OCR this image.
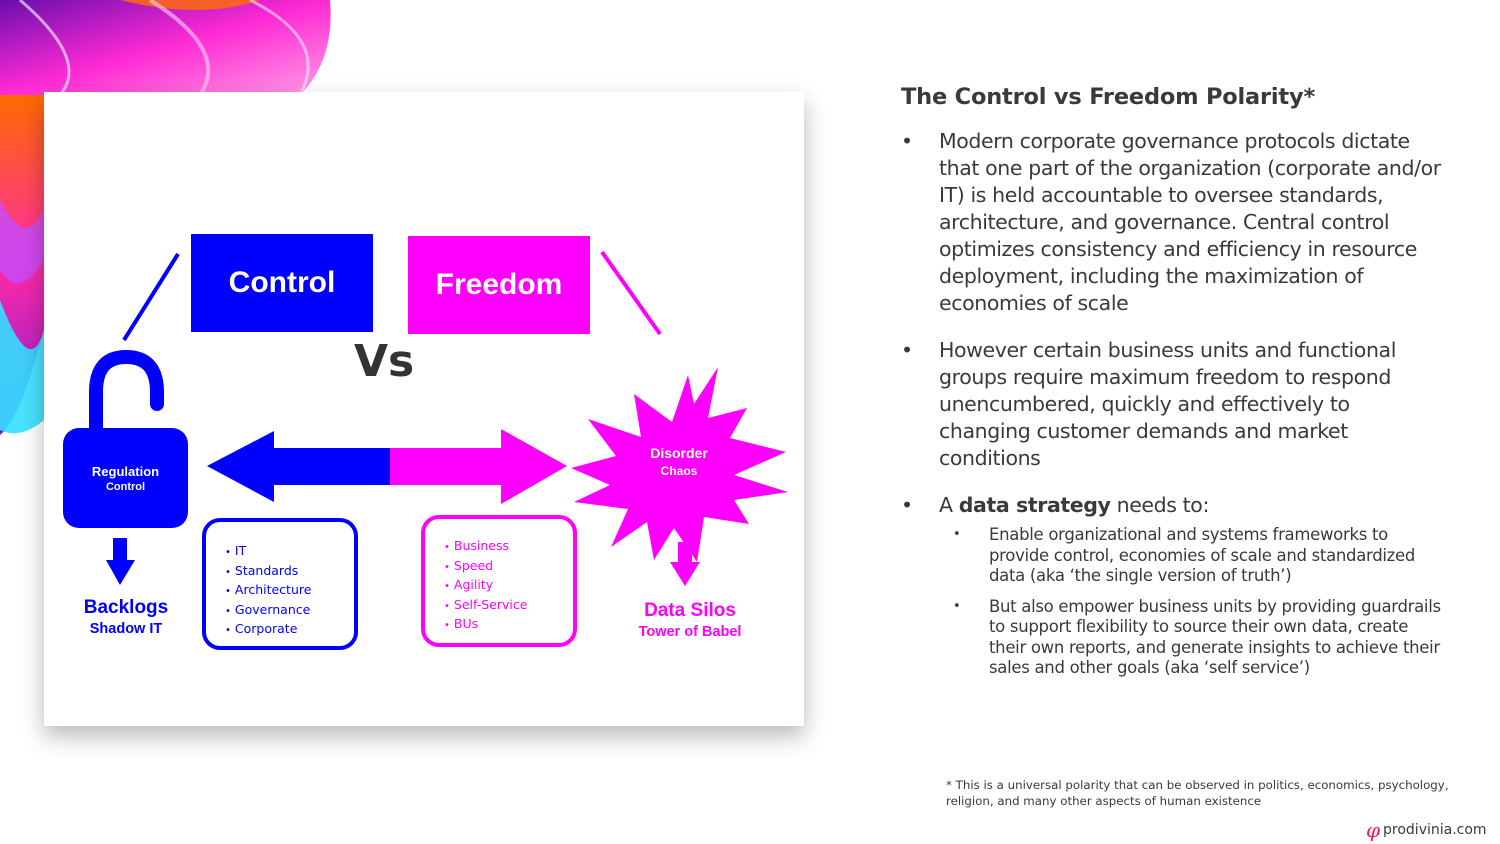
Control	Freedom
Vs
Regulation
Control
Disorder
Chaos
• IT
• Standards
• Architecture
• Governance
• Corporate
• Business
• Speed
• Agility
• Self-Service
• BUs
Backlogs
Shadow IT
Data Silos
Tower of Babel
The Control vs Freedom Polarity*
• Modern corporate governance protocols dictate that one part of the organization (corporate and/or IT) is held accountable to oversee standards, architecture, and governance. Central control optimizes consistency and efficiency in resource deployment, including the maximization of economies of scale
• However certain business units and functional groups require maximum freedom to respond unencumbered, quickly and effectively to changing customer demands and market conditions
• A data strategy needs to:
• Enable organizational and systems frameworks to provide control, economies of scale and standardized data (aka ‘the single version of truth’)
• But also empower business units by providing guardrails to support flexibility to source their own data, create their own reports, and generate insights to achieve their sales and other goals (aka ‘self service’)
* This is a universal polarity that can be observed in politics, economics, psychology, religion, and many other aspects of human existence
φ prodivinia.com
